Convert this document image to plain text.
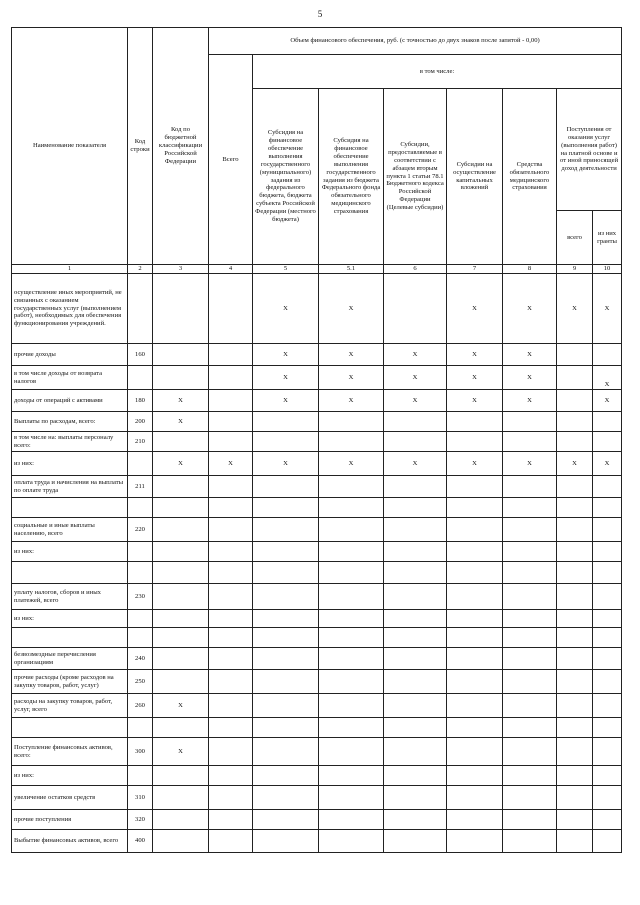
5
Наименование показателя	Код строки	Код по бюджетной классификации Российской Федерации	Объем финансового обеспечения, руб. (с точностью до двух знаков после запятой - 0,00)							
			Всего	в том числе:						
				Субсидия на финансовое обеспечение выполнения государственного (муниципального) задания из федерального бюджета, бюджета субъекта Российской Федерации (местного бюджета)	Субсидия на финансовое обеспечение выполнения государственного задания из бюджета Федерального фонда обязательного медицинского страхования	Субсидии, предоставляемые в соответствии с абзацем вторым пункта 1 статьи 78.1 Бюджетного кодекса Российской Федерации (Целевые субсидии)	Субсидии на осуществление капитальных вложений	Средства обязательного медицинского страхования	Поступления от оказания услуг (выполнения работ) на платной основе и от иной приносящей доход деятельности	
									всего	из них гранты
1	2	3	4	5	5.1	6	7	8	9	10
осуществление иных мероприятий, не связанных с оказанием государственных услуг (выполнением работ), необходимых для обеспечения функционирования учреждений.				X	X		X	X	X	X
прочие доходы	160			X	X	X	X	X		
в том числе доходы от возврата налогов				X	X	X	X	X		X
доходы от операций с активами	180	X		X	X	X	X	X		X
Выплаты по расходам, всего:	200	X								
в том числе на: выплаты персоналу всего:	210									
из них:		X	X	X	X	X	X	X	X	X
оплата труда и начисления на выплаты по оплате труда	211									

социальные и иные выплаты населению, всего	220									
из них:										

уплату налогов, сборов и иных платежей, всего	230									
из них:										

безвозмездные перечисления организациям	240									
прочие расходы (кроме расходов на закупку товаров, работ, услуг)	250									
расходы на закупку товаров, работ, услуг, всего	260	X								

Поступление финансовых активов, всего:	300	X								
из них:										
увеличение остатков средств	310									
прочие поступления	320									
Выбытие финансовых активов, всего	400									
